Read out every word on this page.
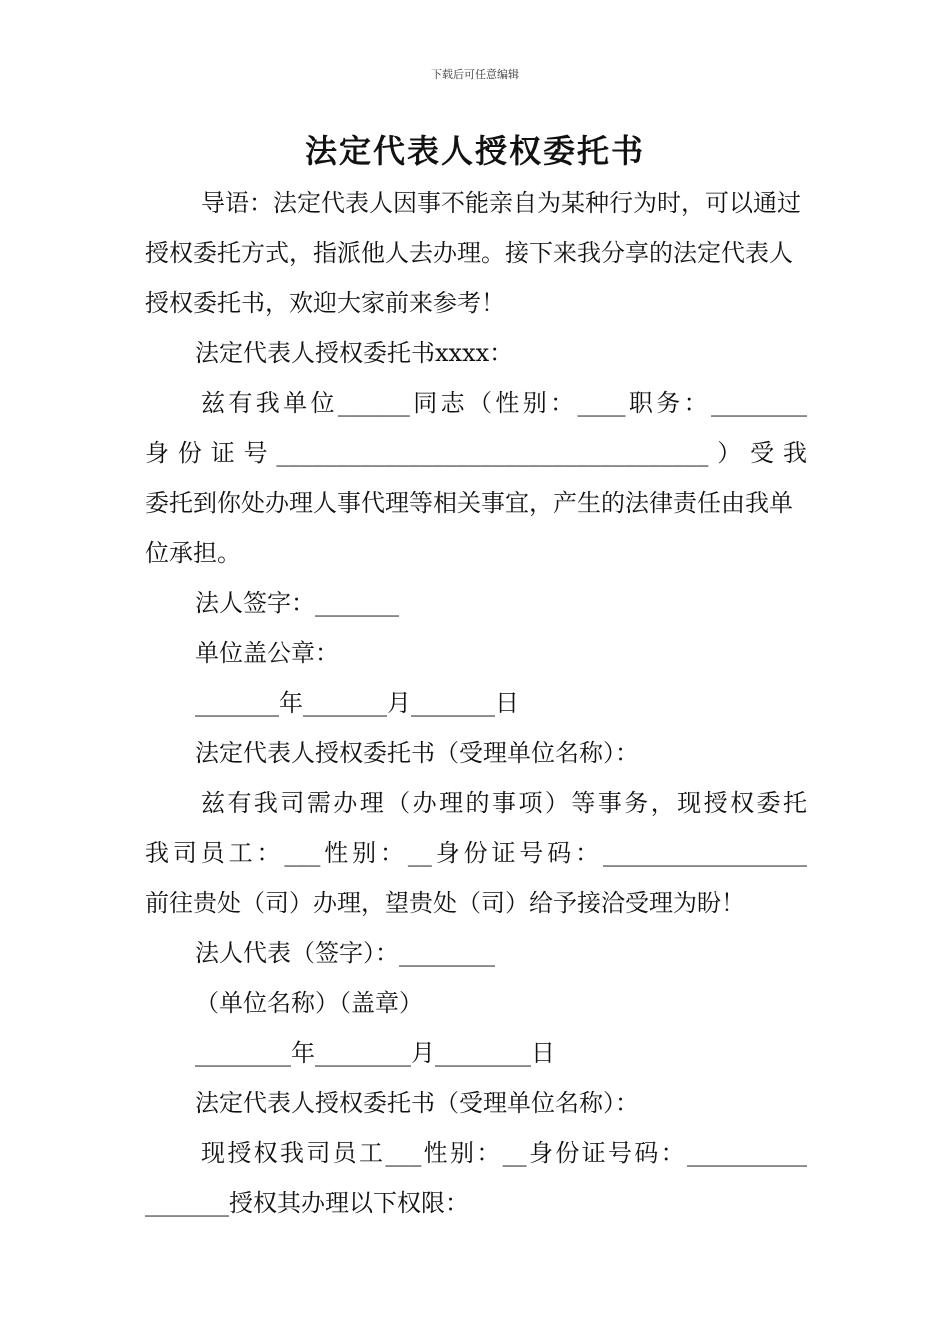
下载后可任意编辑
法定代表人授权委托书

导语：法定代表人因事不能亲自为某种行为时，可以通过授权委托方式，指派他人去办理。接下来我分享的法定代表人授权委托书，欢迎大家前来参考！

法定代表人授权委托书xxxx：

兹有我单位______同志（性别：____职务：________

身份证号____________________________________）受我

委托到你处办理人事代理等相关事宜，产生的法律责任由我单位承担。

法人签字：_______

单位盖公章：

_______年_______月_______日

法定代表人授权委托书（受理单位名称）：

兹有我司需办理（办理的事项）等事务，现授权委托

我司员工：___性别：__身份证号码：_________________

前往贵处（司）办理，望贵处（司）给予接洽受理为盼！

法人代表（签字）：________

（单位名称）（盖章）

________年________月________日

法定代表人授权委托书（受理单位名称）：

现授权我司员工___性别：__身份证号码：__________

_______授权其办理以下权限：
